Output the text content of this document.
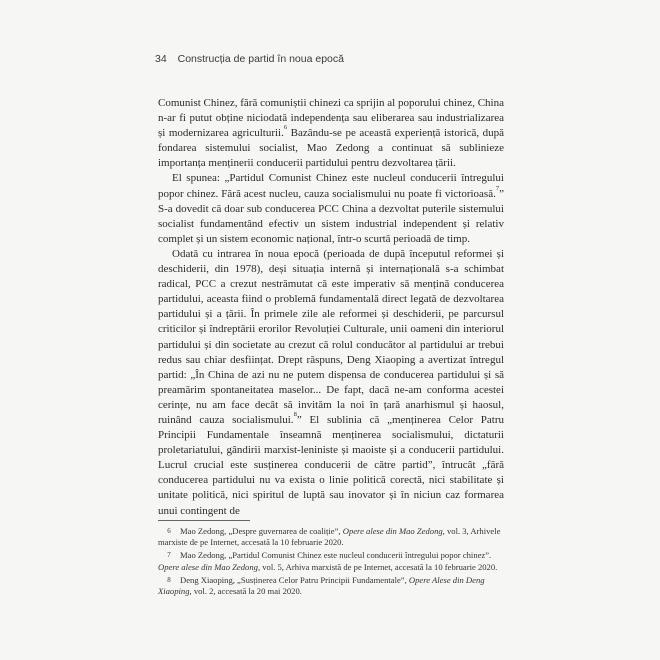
34 Construcția de partid în noua epocă

Comunist Chinez, fără comuniștii chinezi ca sprijin al poporului chinez, China n-ar fi putut obține niciodată independența sau eliberarea sau industrializarea și modernizarea agriculturii.$^6$ Bazându-se pe această experiență istorică, după fondarea sistemului socialist, Mao Zedong a continuat să sublinieze importanța menținerii conducerii partidului pentru dezvoltarea țării.

El spunea: „Partidul Comunist Chinez este nucleul conducerii întregului popor chinez. Fără acest nucleu, cauza socialismului nu poate fi victorioasă.$^7$” S-a dovedit că doar sub conducerea PCC China a dezvoltat puterile sistemului socialist fundamentând efectiv un sistem industrial independent și relativ complet și un sistem economic național, într-o scurtă perioadă de timp.

Odată cu intrarea în noua epocă (perioada de după începutul reformei și deschiderii, din 1978), deși situația internă și internațională s-a schimbat radical, PCC a crezut nestrămutat că este imperativ să mențină conducerea partidului, aceasta fiind o problemă fundamentală direct legată de dezvoltarea partidului și a țării. În primele zile ale reformei și deschiderii, pe parcursul criticilor și îndreptării erorilor Revoluției Culturale, unii oameni din interiorul partidului și din societate au crezut că rolul conducător al partidului ar trebui redus sau chiar desființat. Drept răspuns, Deng Xiaoping a avertizat întregul partid: „În China de azi nu ne putem dispensa de conducerea partidului și să preamărim spontaneitatea maselor... De fapt, dacă ne-am conforma acestei cerințe, nu am face decât să invităm la noi în țară anarhismul și haosul, ruinând cauza socialismului.$^8$” El sublinia că „menținerea Celor Patru Principii Fundamentale înseamnă menținerea socialismului, dictaturii proletariatului, gândirii marxist-leniniste și maoiste și a conducerii partidului. Lucrul crucial este susținerea conducerii de către partid”, întrucât „fără conducerea partidului nu va exista o linie politică corectă, nici stabilitate și unitate politică, nici spiritul de luptă sau inovator și în niciun caz formarea unui contingent de

6 Mao Zedong, „Despre guvernarea de coaliție”, Opere alese din Mao Zedong, vol. 3, Arhivele marxiste de pe Internet, accesată la 10 februarie 2020.

7 Mao Zedong, „Partidul Comunist Chinez este nucleul conducerii întregului popor chinez”. Opere alese din Mao Zedong, vol. 5, Arhiva marxistă de pe Internet, accesată la 10 februarie 2020.

8 Deng Xiaoping, „Susținerea Celor Patru Principii Fundamentale”, Opere Alese din Deng Xiaoping, vol. 2, accesată la 20 mai 2020.
